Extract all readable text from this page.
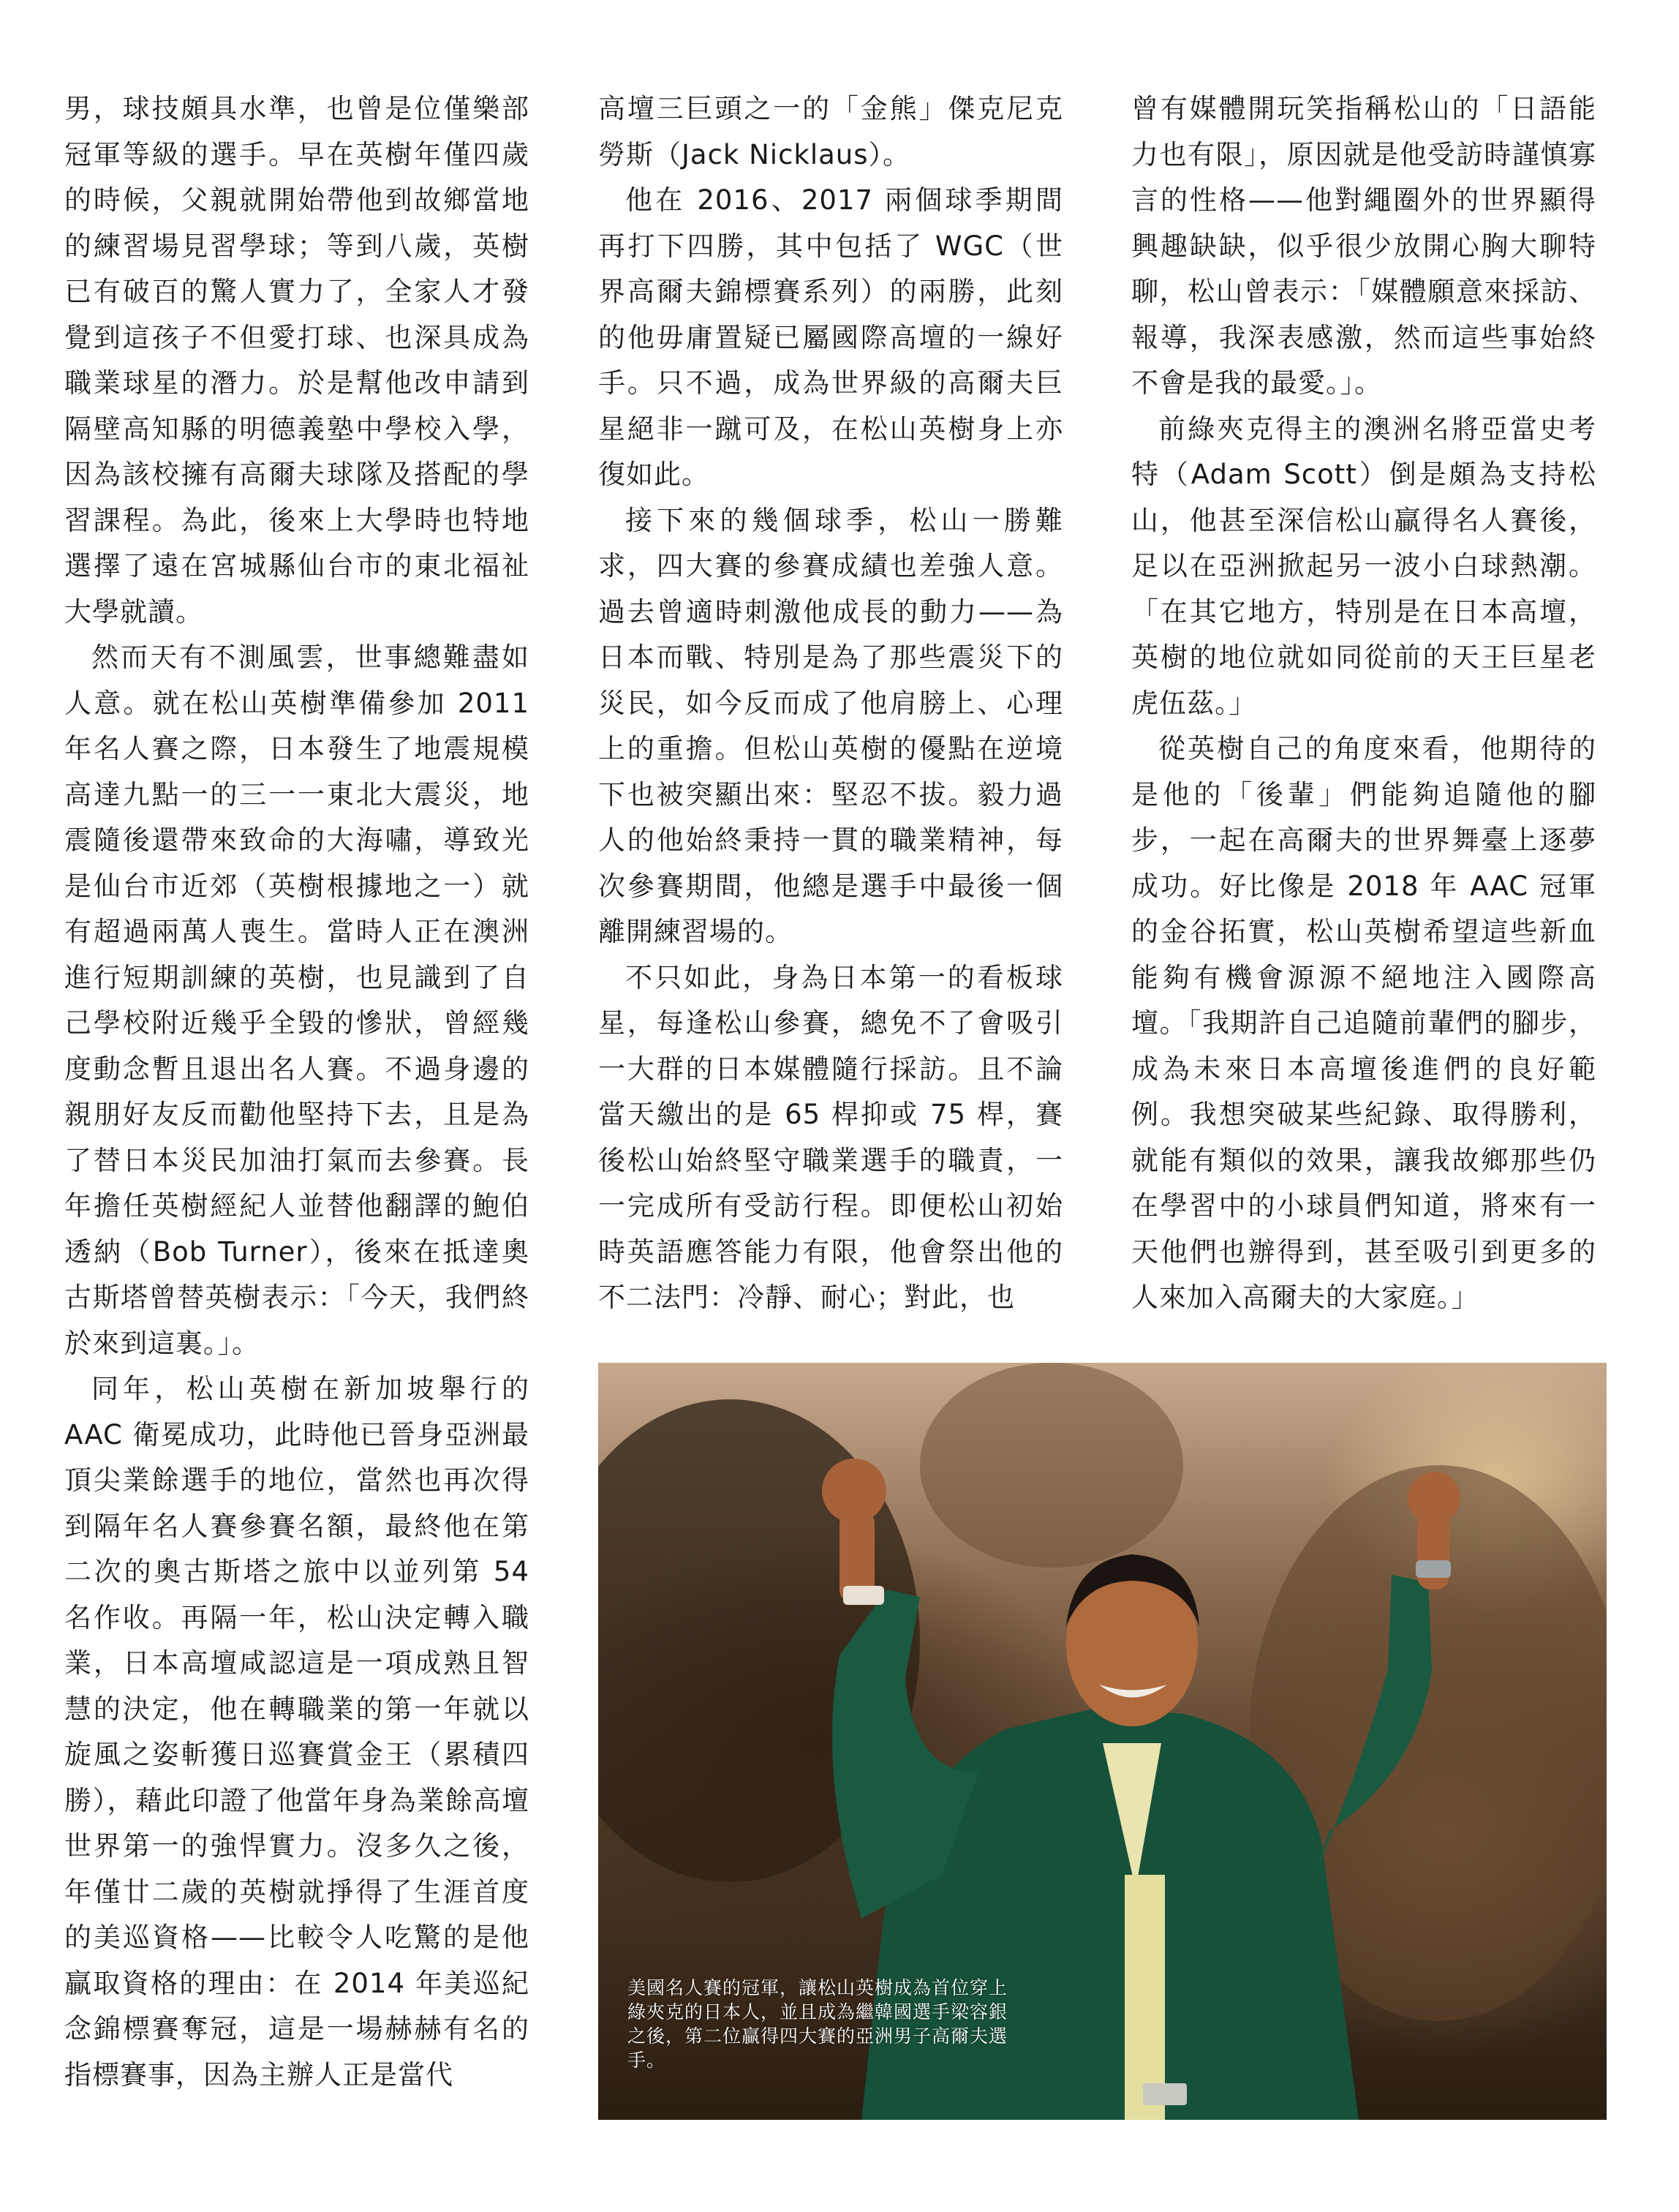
男，球技頗具水準，也曾是位僅樂部冠軍等級的選手。早在英樹年僅四歲的時候，父親就開始帶他到故鄉當地的練習場見習學球；等到八歲，英樹已有破百的驚人實力了，全家人才發覺到這孩子不但愛打球、也深具成為職業球星的潛力。於是幫他改申請到隔壁高知縣的明德義塾中學校入學，因為該校擁有高爾夫球隊及搭配的學習課程。為此，後來上大學時也特地選擇了遠在宮城縣仙台市的東北福祉大學就讀。

然而天有不測風雲，世事總難盡如人意。就在松山英樹準備參加 2011 年名人賽之際，日本發生了地震規模高達九點一的三一一東北大震災，地震隨後還帶來致命的大海嘯，導致光是仙台市近郊（英樹根據地之一）就有超過兩萬人喪生。當時人正在澳洲進行短期訓練的英樹，也見識到了自己學校附近幾乎全毀的慘狀，曾經幾度動念暫且退出名人賽。不過身邊的親朋好友反而勸他堅持下去，且是為了替日本災民加油打氣而去參賽。長年擔任英樹經紀人並替他翻譯的鮑伯透納（Bob Turner），後來在抵達奧古斯塔曾替英樹表示：「今天，我們終於來到這裏。」。

同年，松山英樹在新加坡舉行的 AAC 衛冕成功，此時他已晉身亞洲最頂尖業餘選手的地位，當然也再次得到隔年名人賽參賽名額，最終他在第二次的奧古斯塔之旅中以並列第 54 名作收。再隔一年，松山決定轉入職業，日本高壇咸認這是一項成熟且智慧的決定，他在轉職業的第一年就以旋風之姿斬獲日巡賽賞金王（累積四勝），藉此印證了他當年身為業餘高壇世界第一的強悍實力。沒多久之後，年僅廿二歲的英樹就掙得了生涯首度的美巡資格——比較令人吃驚的是他贏取資格的理由：在 2014 年美巡紀念錦標賽奪冠，這是一場赫赫有名的指標賽事，因為主辦人正是當代

高壇三巨頭之一的「金熊」傑克尼克勞斯（Jack Nicklaus）。

他在 2016、2017 兩個球季期間再打下四勝，其中包括了 WGC（世界高爾夫錦標賽系列）的兩勝，此刻的他毋庸置疑已屬國際高壇的一線好手。只不過，成為世界級的高爾夫巨星絕非一蹴可及，在松山英樹身上亦復如此。

接下來的幾個球季，松山一勝難求，四大賽的參賽成績也差強人意。過去曾適時刺激他成長的動力——為日本而戰、特別是為了那些震災下的災民，如今反而成了他肩膀上、心理上的重擔。但松山英樹的優點在逆境下也被突顯出來：堅忍不拔。毅力過人的他始終秉持一貫的職業精神，每次參賽期間，他總是選手中最後一個離開練習場的。

不只如此，身為日本第一的看板球星，每逢松山參賽，總免不了會吸引一大群的日本媒體隨行採訪。且不論當天繳出的是 65 桿抑或 75 桿，賽後松山始終堅守職業選手的職責，一一完成所有受訪行程。即便松山初始時英語應答能力有限，他會祭出他的不二法門：冷靜、耐心；對此，也

曾有媒體開玩笑指稱松山的「日語能力也有限」，原因就是他受訪時謹慎寡言的性格——他對繩圈外的世界顯得興趣缺缺，似乎很少放開心胸大聊特聊，松山曾表示：「媒體願意來採訪、報導，我深表感激，然而這些事始終不會是我的最愛。」。

前綠夾克得主的澳洲名將亞當史考特（Adam Scott）倒是頗為支持松山，他甚至深信松山贏得名人賽後，足以在亞洲掀起另一波小白球熱潮。「在其它地方，特別是在日本高壇，英樹的地位就如同從前的天王巨星老虎伍茲。」

從英樹自己的角度來看，他期待的是他的「後輩」們能夠追隨他的腳步，一起在高爾夫的世界舞臺上逐夢成功。好比像是 2018 年 AAC 冠軍的金谷拓實，松山英樹希望這些新血能夠有機會源源不絕地注入國際高壇。「我期許自己追隨前輩們的腳步，成為未來日本高壇後進們的良好範例。我想突破某些紀錄、取得勝利，就能有類似的效果，讓我故鄉那些仍在學習中的小球員們知道，將來有一天他們也辦得到，甚至吸引到更多的人來加入高爾夫的大家庭。」

美國名人賽的冠軍，讓松山英樹成為首位穿上綠夾克的日本人，並且成為繼韓國選手梁容銀之後，第二位贏得四大賽的亞洲男子高爾夫選手。
